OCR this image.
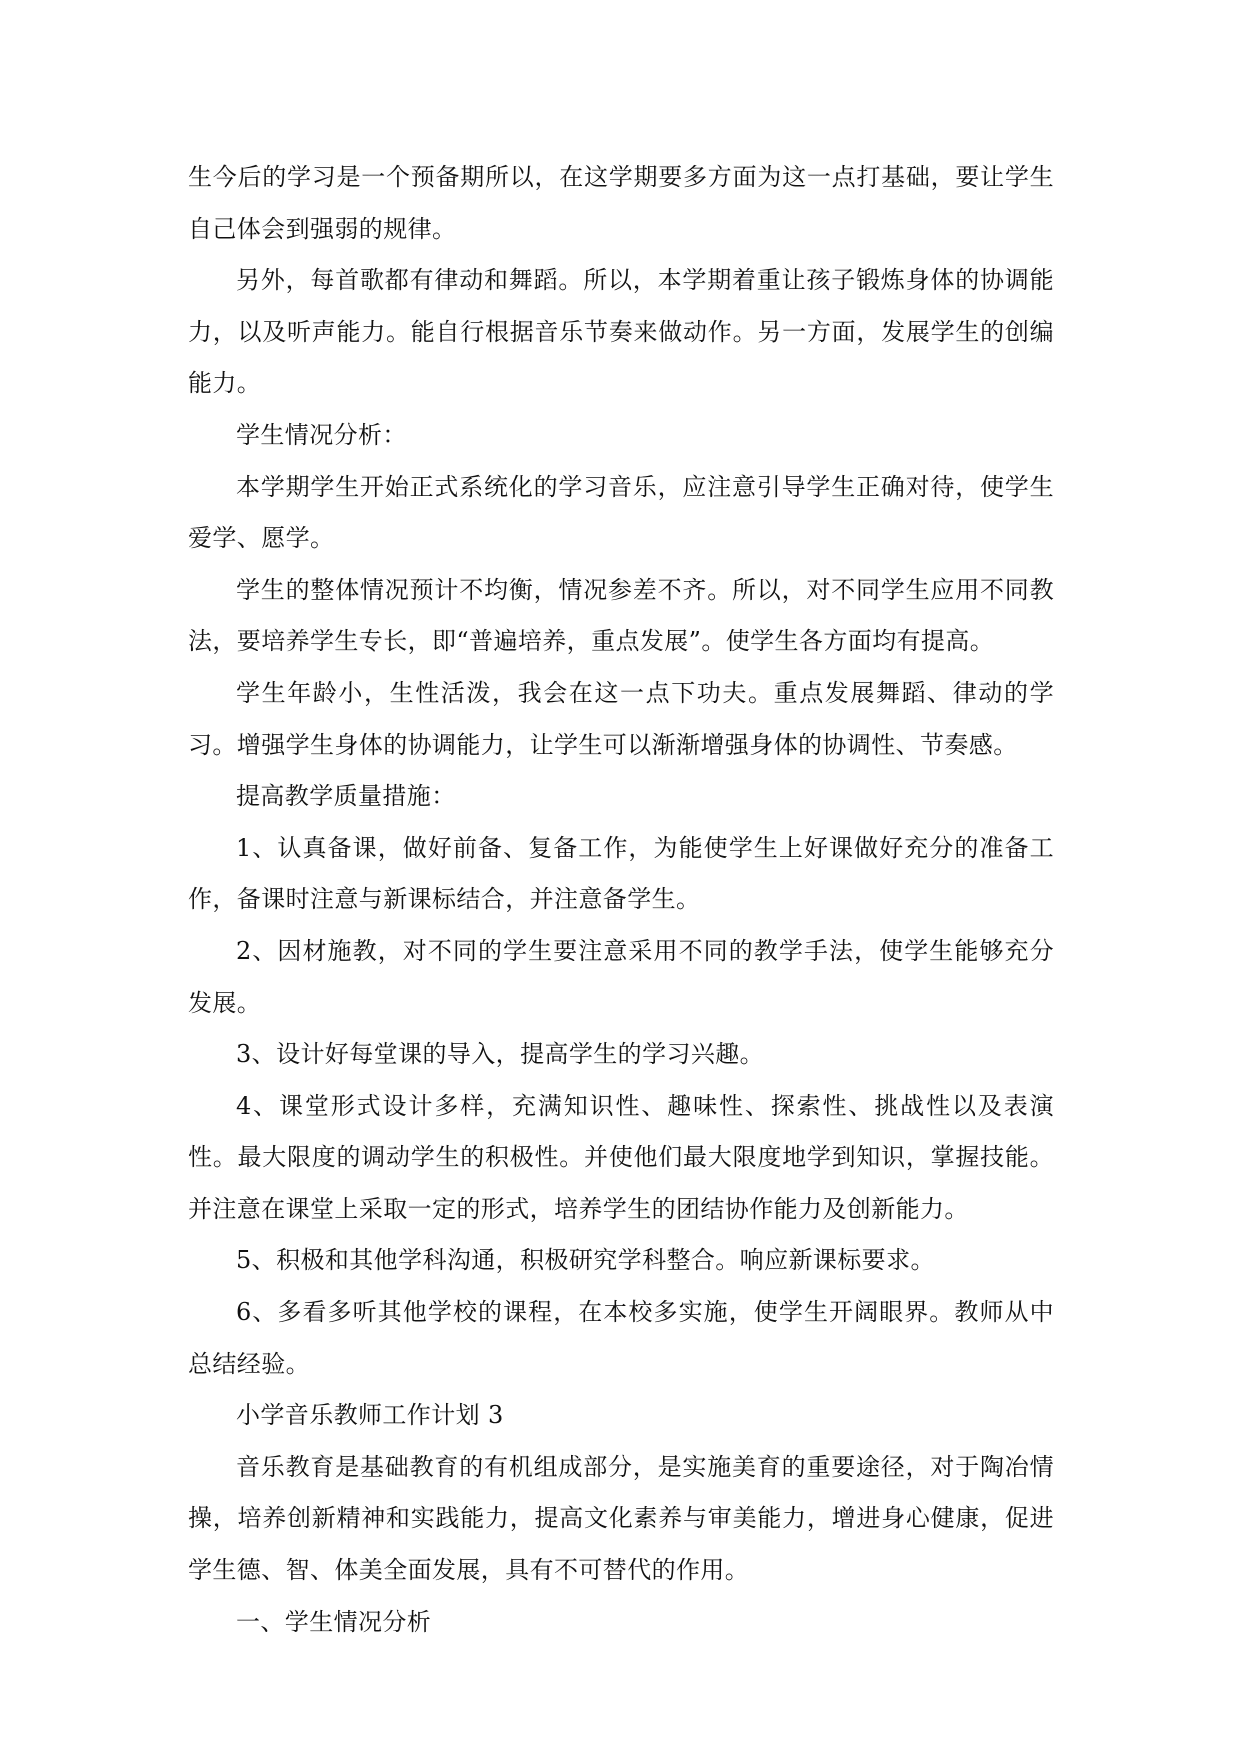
生今后的学习是一个预备期所以，在这学期要多方面为这一点打基础，要让学生自己体会到强弱的规律。

另外，每首歌都有律动和舞蹈。所以，本学期着重让孩子锻炼身体的协调能力，以及听声能力。能自行根据音乐节奏来做动作。另一方面，发展学生的创编能力。

学生情况分析：

本学期学生开始正式系统化的学习音乐，应注意引导学生正确对待，使学生爱学、愿学。

学生的整体情况预计不均衡，情况参差不齐。所以，对不同学生应用不同教法，要培养学生专长，即“普遍培养，重点发展”。使学生各方面均有提高。

学生年龄小，生性活泼，我会在这一点下功夫。重点发展舞蹈、律动的学习。增强学生身体的协调能力，让学生可以渐渐增强身体的协调性、节奏感。

提高教学质量措施：

1、认真备课，做好前备、复备工作，为能使学生上好课做好充分的准备工作，备课时注意与新课标结合，并注意备学生。

2、因材施教，对不同的学生要注意采用不同的教学手法，使学生能够充分发展。

3、设计好每堂课的导入，提高学生的学习兴趣。

4、课堂形式设计多样，充满知识性、趣味性、探索性、挑战性以及表演性。最大限度的调动学生的积极性。并使他们最大限度地学到知识，掌握技能。并注意在课堂上采取一定的形式，培养学生的团结协作能力及创新能力。

5、积极和其他学科沟通，积极研究学科整合。响应新课标要求。

6、多看多听其他学校的课程，在本校多实施，使学生开阔眼界。教师从中总结经验。

小学音乐教师工作计划 3

音乐教育是基础教育的有机组成部分，是实施美育的重要途径，对于陶冶情操，培养创新精神和实践能力，提高文化素养与审美能力，增进身心健康，促进学生德、智、体美全面发展，具有不可替代的作用。

一、学生情况分析
